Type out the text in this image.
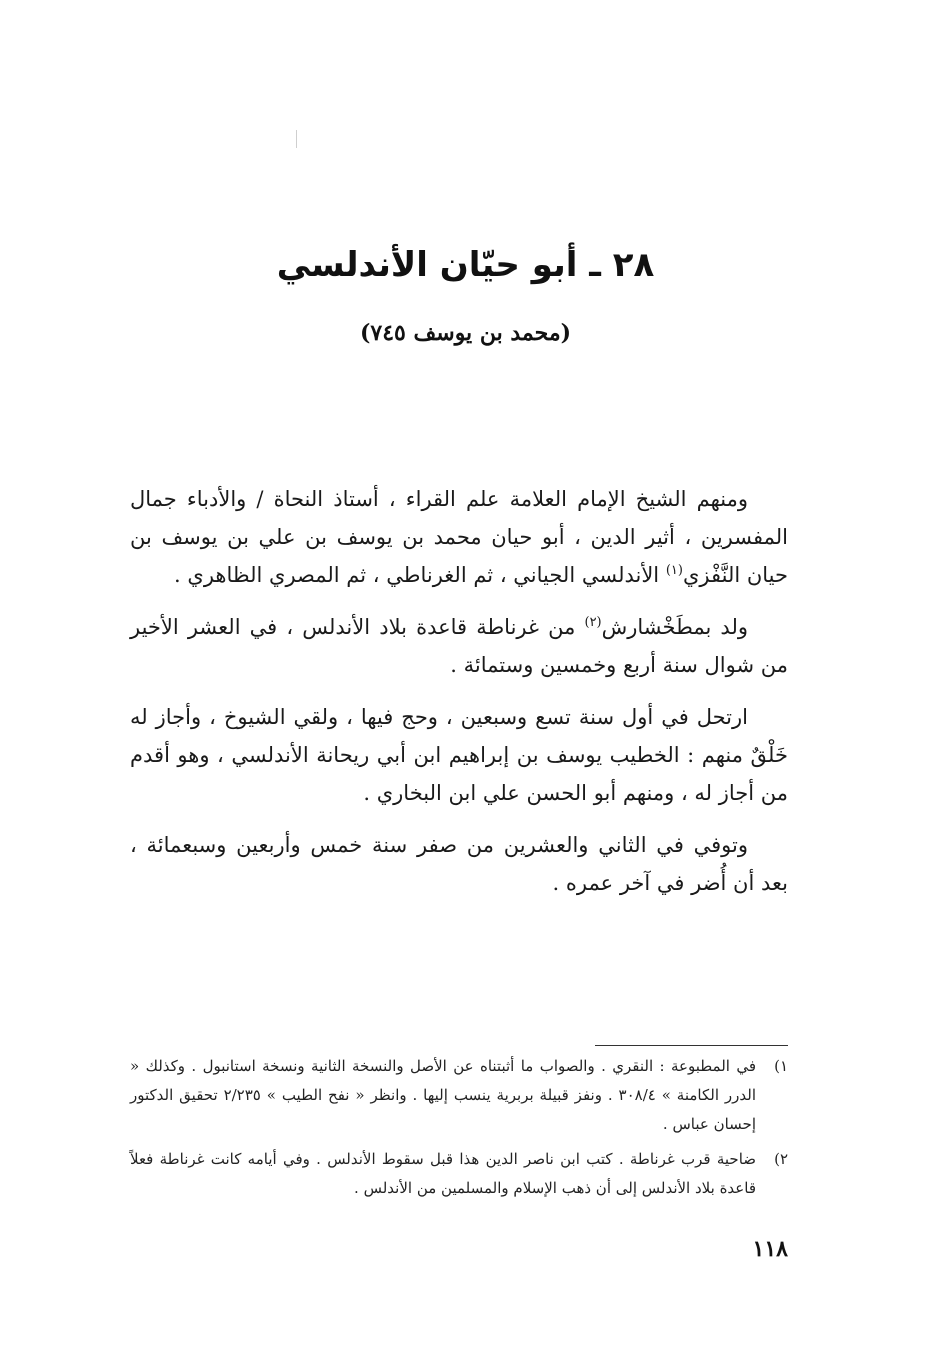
٢٨ ـ أبو حيّان الأندلسي
(محمد بن يوسف ٧٤٥)

ومنهم الشيخ الإمام العلامة علم القراء ، أستاذ النحاة / والأدباء جمال المفسرين ، أثير الدين ، أبو حيان محمد بن يوسف بن علي بن يوسف بن حيان النَّفْزي$^{(١)}$ الأندلسي الجياني ، ثم الغرناطي ، ثم المصري الظاهري .

ولد بمطَخْشارش$^{(٢)}$ من غرناطة قاعدة بلاد الأندلس ، في العشر الأخير من شوال سنة أربع وخمسين وستمائة .

ارتحل في أول سنة تسع وسبعين ، وحج فيها ، ولقي الشيوخ ، وأجاز له خَلْقٌ منهم : الخطيب يوسف بن إبراهيم ابن أبي ريحانة الأندلسي ، وهو أقدم من أجاز له ، ومنهم أبو الحسن علي ابن البخاري .

وتوفي في الثاني والعشرين من صفر سنة خمس وأربعين وسبعمائة ، بعد أن أُضر في آخر عمره .

١)
في المطبوعة : النقري . والصواب ما أثبتناه عن الأصل والنسخة الثانية ونسخة استانبول . وكذلك « الدرر الكامنة » ٣٠٨/٤ . ونفز قبيلة بربرية ينسب إليها . وانظر « نفح الطيب » ٢/٢٣٥ تحقيق الدكتور إحسان عباس .
٢)
ضاحية قرب غرناطة . كتب ابن ناصر الدين هذا قبل سقوط الأندلس . وفي أيامه كانت غرناطة فعلاً قاعدة بلاد الأندلس إلى أن ذهب الإسلام والمسلمين من الأندلس .
١١٨
